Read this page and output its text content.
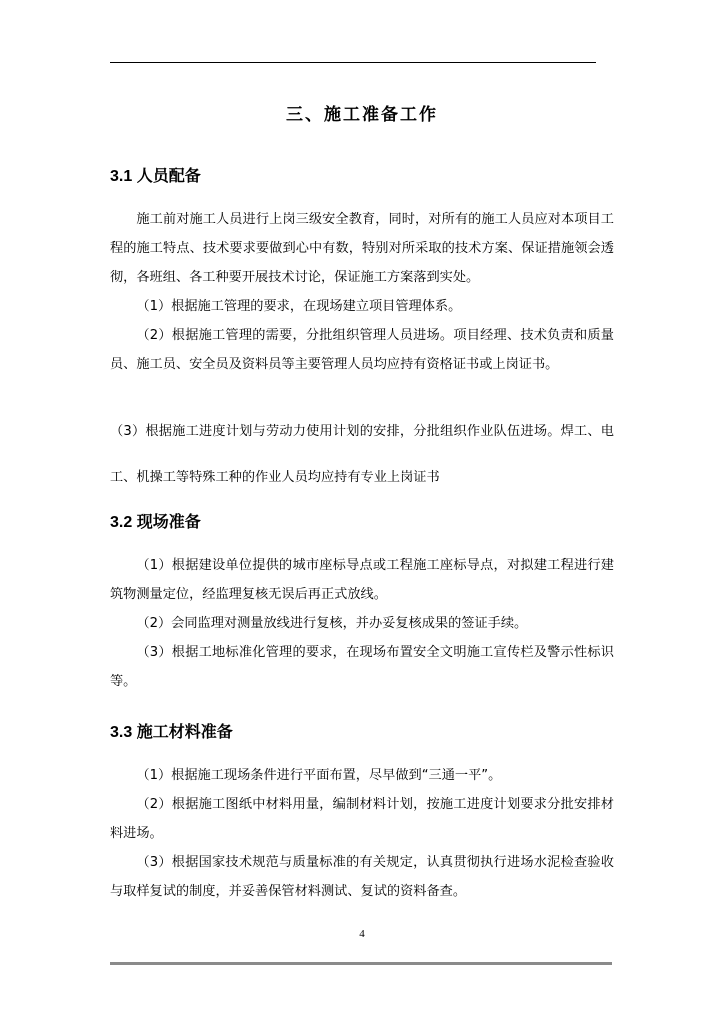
三、施工准备工作
3.1 人员配备
施工前对施工人员进行上岗三级安全教育，同时，对所有的施工人员应对本项目工程的施工特点、技术要求要做到心中有数，特别对所采取的技术方案、保证措施领会透彻，各班组、各工种要开展技术讨论，保证施工方案落到实处。
（1）根据施工管理的要求，在现场建立项目管理体系。
（2）根据施工管理的需要，分批组织管理人员进场。项目经理、技术负责和质量员、施工员、安全员及资料员等主要管理人员均应持有资格证书或上岗证书。
（3）根据施工进度计划与劳动力使用计划的安排，分批组织作业队伍进场。焊工、电工、机操工等特殊工种的作业人员均应持有专业上岗证书
3.2 现场准备
（1）根据建设单位提供的城市座标导点或工程施工座标导点，对拟建工程进行建筑物测量定位，经监理复核无误后再正式放线。
（2）会同监理对测量放线进行复核，并办妥复核成果的签证手续。
（3）根据工地标准化管理的要求，在现场布置安全文明施工宣传栏及警示性标识等。
3.3 施工材料准备
（1）根据施工现场条件进行平面布置，尽早做到“三通一平”。
（2）根据施工图纸中材料用量，编制材料计划，按施工进度计划要求分批安排材料进场。
（3）根据国家技术规范与质量标准的有关规定，认真贯彻执行进场水泥检查验收与取样复试的制度，并妥善保管材料测试、复试的资料备查。
4
